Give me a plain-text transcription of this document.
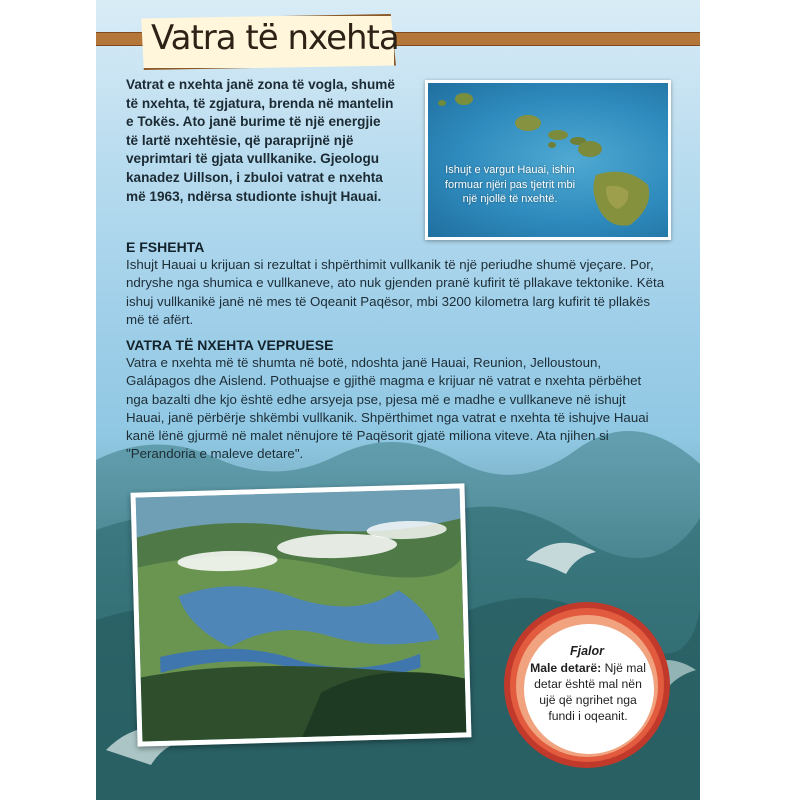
Vatra të nxehta

Vatrat e nxehta janë zona të vogla, shumë të nxehta, të zgjatura, brenda në mantelin e Tokës. Ato janë burime të një energjie të lartë nxehtësie, që paraprijnë një veprimtari të gjata vullkanike. Gjeologu kanadez Uillson, i zbuloi vatrat e nxehta më 1963, ndërsa studionte ishujt Hauai.

Ishujt e vargut Hauai, ishin formuar njëri pas tjetrit mbi një njollë të nxehtë.

E FSHEHTA

Ishujt Hauai u krijuan si rezultat i shpërthimit vullkanik të një periudhe shumë vjeçare. Por, ndryshe nga shumica e vullkaneve, ato nuk gjenden pranë kufirit të pllakave tektonike. Këta ishuj vullkanikë janë në mes të Oqeanit Paqësor, mbi 3200 kilometra larg kufirit të pllakës më të afërt.

VATRA TË NXEHTA VEPRUESE

Vatra e nxehta më të shumta në botë, ndoshta janë Hauai, Reunion, Jelloustoun, Galápagos dhe Aislend. Pothuajse e gjithë magma e krijuar në vatrat e nxehta përbëhet nga bazalti dhe kjo është edhe arsyeja pse, pjesa më e madhe e vullkaneve në ishujt Hauai, janë përbërje shkëmbi vullkanik. Shpërthimet nga vatrat e nxehta të ishujve Hauai kanë lënë gjurmë në malet nënujore të Paqësorit gjatë miliona viteve. Ata njihen si "Perandoria e maleve detare".

Fjalor

Male detarë: Një mal detar është mal nën ujë që ngrihet nga fundi i oqeanit.
